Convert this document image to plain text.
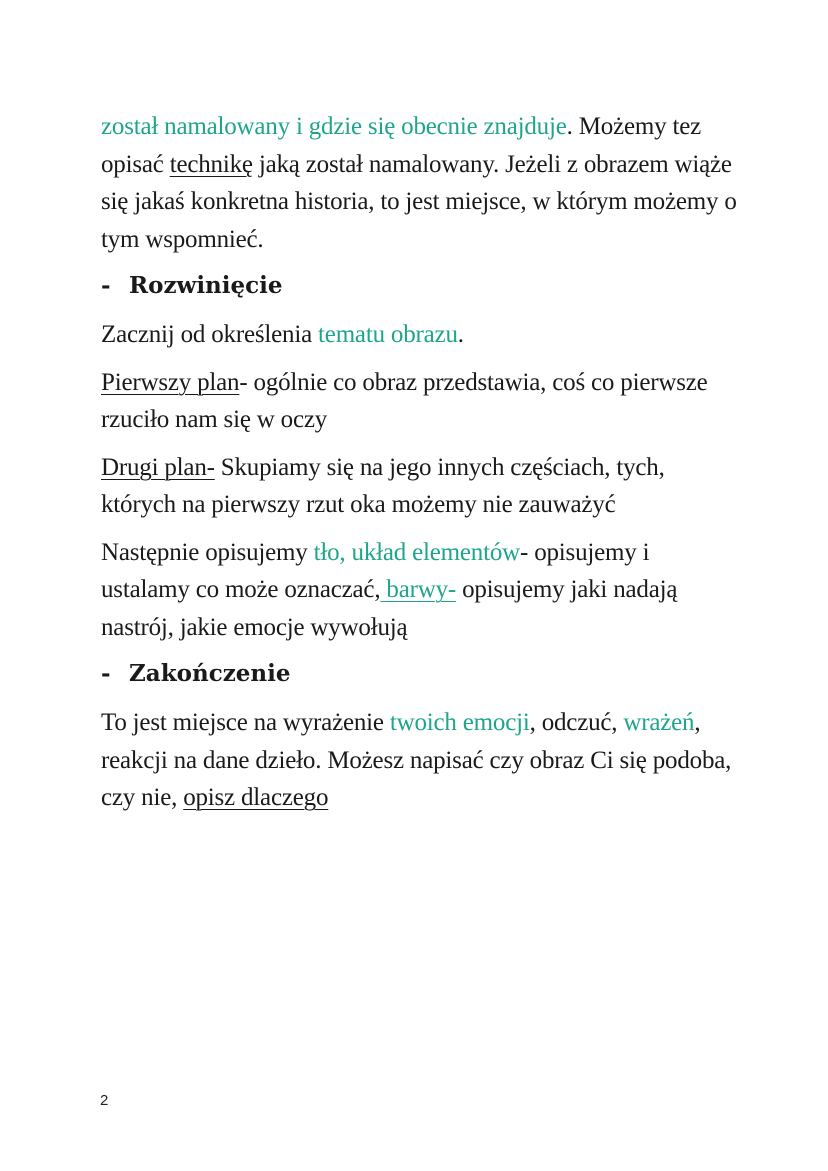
został namalowany i gdzie się obecnie znajduje. Możemy tez opisać technikę jaką został namalowany. Jeżeli z obrazem wiąże się jakaś konkretna historia, to jest miejsce, w którym możemy o tym wspomnieć.

- Rozwinięcie

Zacznij od określenia tematu obrazu.

Pierwszy plan- ogólnie co obraz przedstawia, coś co pierwsze rzuciło nam się w oczy

Drugi plan- Skupiamy się na jego innych częściach, tych, których na pierwszy rzut oka możemy nie zauważyć

Następnie opisujemy tło, układ elementów- opisujemy i ustalamy co może oznaczać, barwy- opisujemy jaki nadają nastrój, jakie emocje wywołują

- Zakończenie

To jest miejsce na wyrażenie twoich emocji, odczuć, wrażeń, reakcji na dane dzieło. Możesz napisać czy obraz Ci się podoba, czy nie, opisz dlaczego

2
